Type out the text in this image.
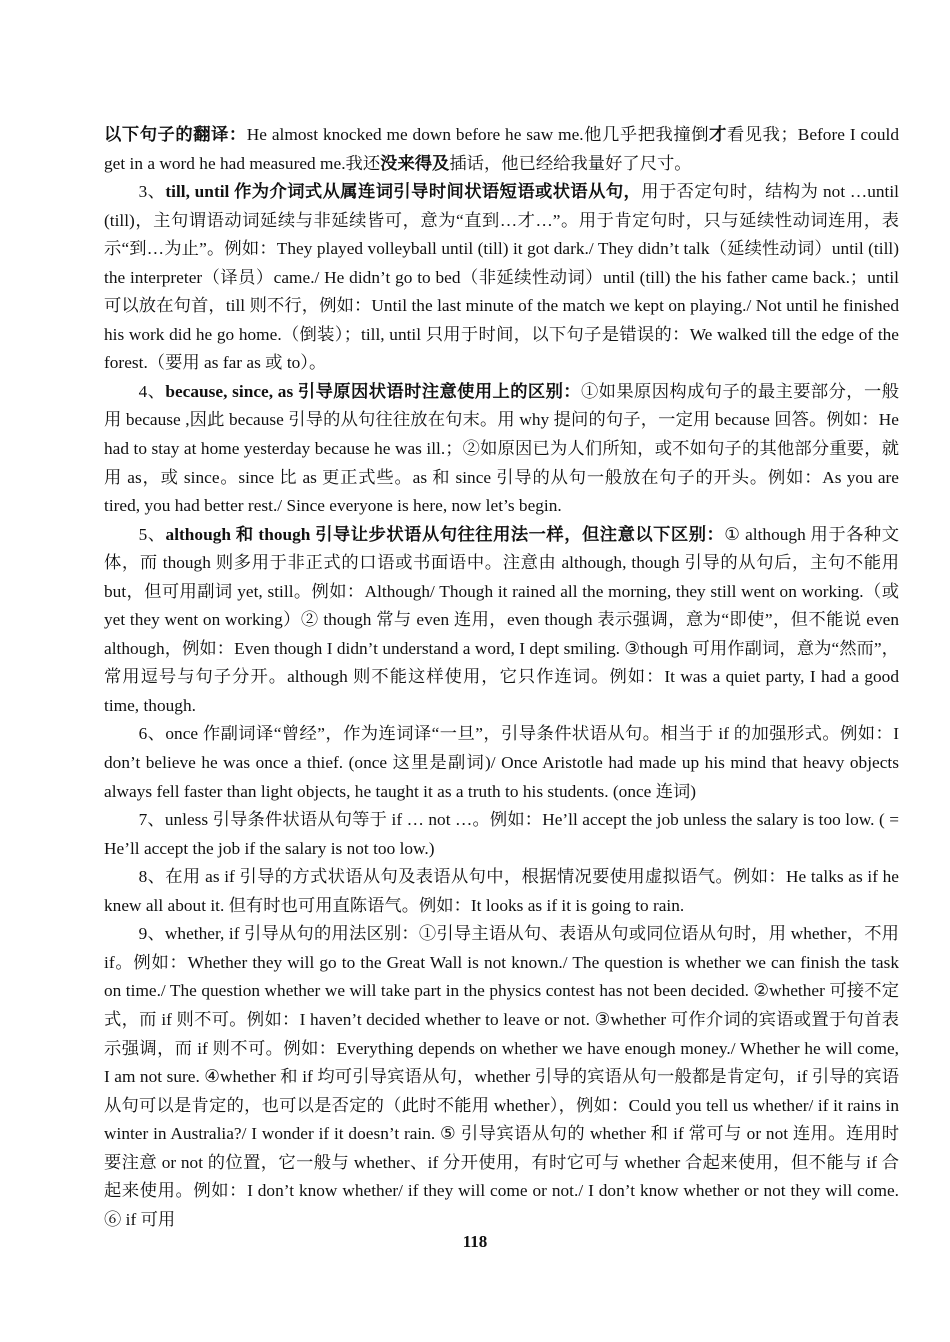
以下句子的翻译：He almost knocked me down before he saw me.他几乎把我撞倒才看见我；Before I could get in a word he had measured me.我还没来得及插话，他已经给我量好了尺寸。

3、till, until 作为介词式从属连词引导时间状语短语或状语从句，用于否定句时，结构为 not …until (till)，主句谓语动词延续与非延续皆可，意为“直到…才…”。用于肯定句时，只与延续性动词连用，表示“到…为止”。例如：They played volleyball until (till) it got dark./ They didn’t talk（延续性动词）until (till) the interpreter（译员）came./ He didn’t go to bed（非延续性动词）until (till) the his father came back.；until 可以放在句首，till 则不行，例如：Until the last minute of the match we kept on playing./ Not until he finished his work did he go home.（倒装）；till, until 只用于时间，以下句子是错误的：We walked till the edge of the forest.（要用 as far as 或 to）。

4、because, since, as 引导原因状语时注意使用上的区别：①如果原因构成句子的最主要部分，一般用 because ,因此 because 引导的从句往往放在句末。用 why 提问的句子，一定用 because 回答。例如：He had to stay at home yesterday because he was ill.；②如原因已为人们所知，或不如句子的其他部分重要，就用 as，或 since。since 比 as 更正式些。as 和 since 引导的从句一般放在句子的开头。例如：As you are tired, you had better rest./ Since everyone is here, now let’s begin.

5、although 和 though 引导让步状语从句往往用法一样，但注意以下区别：① although 用于各种文体，而 though 则多用于非正式的口语或书面语中。注意由 although, though 引导的从句后，主句不能用 but，但可用副词 yet, still。例如：Although/ Though it rained all the morning, they still went on working.（或 yet they went on working）② though 常与 even 连用，even though 表示强调，意为“即使”，但不能说 even although，例如：Even though I didn’t understand a word, I dept smiling. ③though 可用作副词，意为“然而”，常用逗号与句子分开。although 则不能这样使用，它只作连词。例如：It was a quiet party, I had a good time, though.

6、once 作副词译“曾经”，作为连词译“一旦”，引导条件状语从句。相当于 if 的加强形式。例如：I don’t believe he was once a thief. (once 这里是副词)/ Once Aristotle had made up his mind that heavy objects always fell faster than light objects, he taught it as a truth to his students. (once 连词)

7、unless 引导条件状语从句等于 if … not …。例如：He’ll accept the job unless the salary is too low. ( = He’ll accept the job if the salary is not too low.)

8、在用 as if 引导的方式状语从句及表语从句中，根据情况要使用虚拟语气。例如：He talks as if he knew all about it. 但有时也可用直陈语气。例如：It looks as if it is going to rain.

9、whether, if 引导从句的用法区别：①引导主语从句、表语从句或同位语从句时，用 whether，不用 if。例如：Whether they will go to the Great Wall is not known./ The question is whether we can finish the task on time./ The question whether we will take part in the physics contest has not been decided. ②whether 可接不定式，而 if 则不可。例如：I haven’t decided whether to leave or not. ③whether 可作介词的宾语或置于句首表示强调，而 if 则不可。例如：Everything depends on whether we have enough money./ Whether he will come, I am not sure. ④whether 和 if 均可引导宾语从句，whether 引导的宾语从句一般都是肯定句，if 引导的宾语从句可以是肯定的，也可以是否定的（此时不能用 whether），例如：Could you tell us whether/ if it rains in winter in Australia?/ I wonder if it doesn’t rain. ⑤ 引导宾语从句的 whether 和 if 常可与 or not 连用。连用时要注意 or not 的位置，它一般与 whether、if 分开使用，有时它可与 whether 合起来使用，但不能与 if 合起来使用。例如：I don’t know whether/ if they will come or not./ I don’t know whether or not they will come.　⑥ if 可用

118
